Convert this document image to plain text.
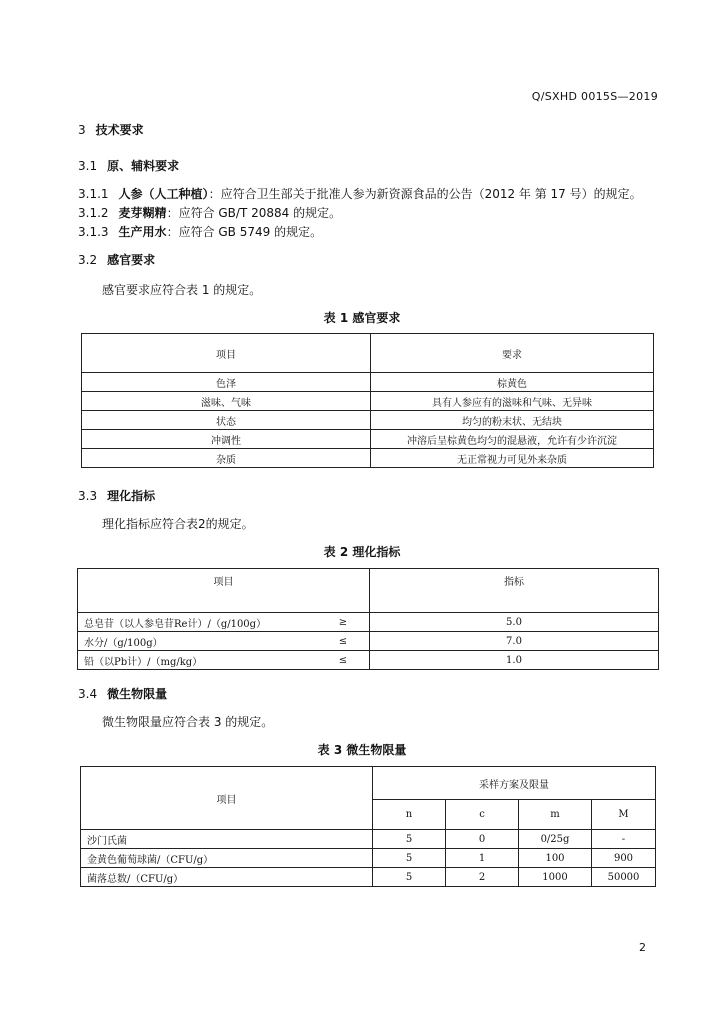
Q/SXHD 0015S—2019
3 技术要求
3.1 原、辅料要求
3.1.1 人参（人工种植）：应符合卫生部关于批准人参为新资源食品的公告（2012 年 第 17 号）的规定。
3.1.2 麦芽糊精：应符合 GB/T 20884 的规定。
3.1.3 生产用水：应符合 GB 5749 的规定。
3.2 感官要求
感官要求应符合表 1 的规定。
表 1 感官要求
项目	要求
色泽	棕黄色
滋味、气味	具有人参应有的滋味和气味、无异味
状态	均匀的粉末状、无结块
冲调性	冲溶后呈棕黄色均匀的混悬液，允许有少许沉淀
杂质	无正常视力可见外来杂质
3.3 理化指标
理化指标应符合表2的规定。
表 2 理化指标
项目		指标
总皂苷（以人参皂苷Re计）/（g/100g）	≥	5.0
水分/（g/100g）	≤	7.0
铅（以Pb计）/（mg/kg）	≤	1.0
3.4 微生物限量
微生物限量应符合表 3 的规定。
表 3 微生物限量
项目	采样方案及限量			
	n	c	m	M
沙门氏菌	5	0	0/25g	-
金黄色葡萄球菌/（CFU/g）	5	1	100	900
菌落总数/（CFU/g）	5	2	1000	50000
2
